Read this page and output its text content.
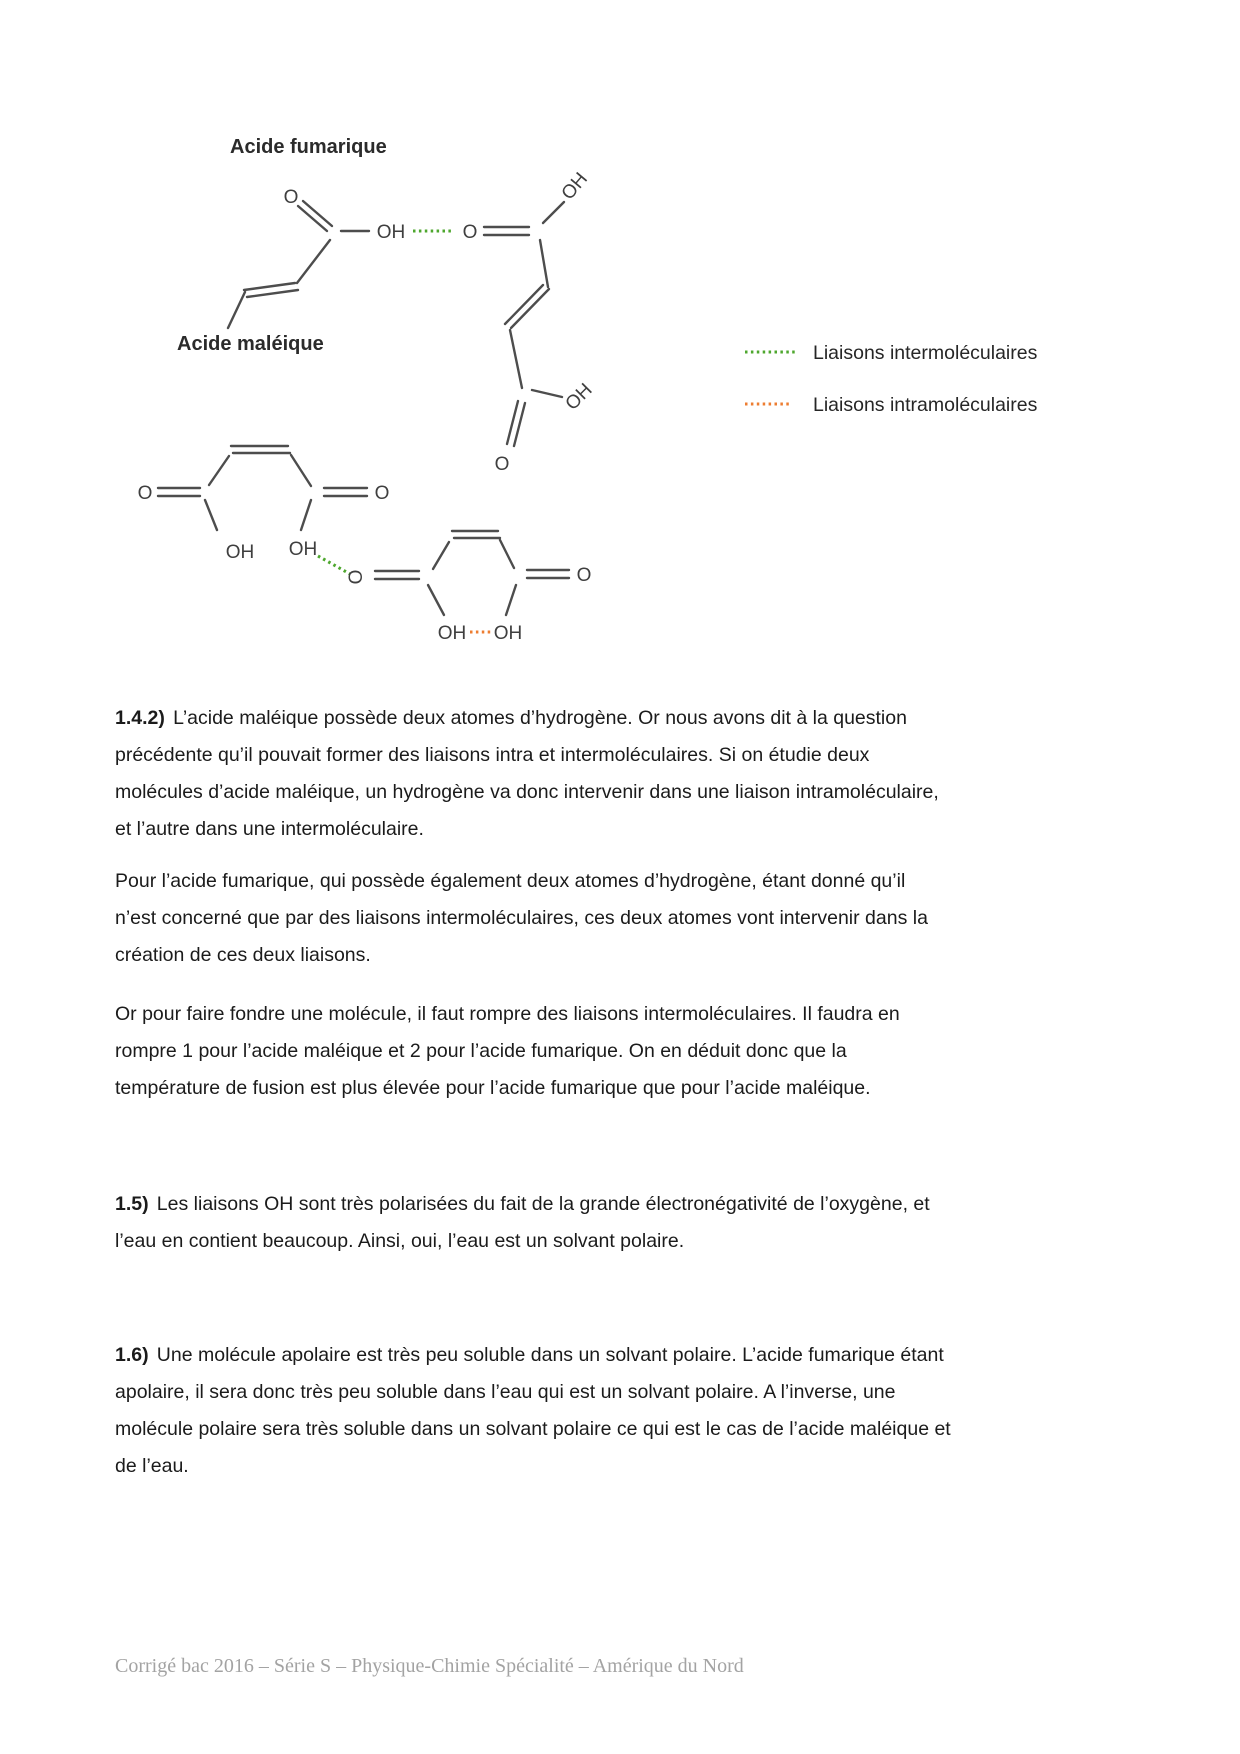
Acide fumarique
Acide maléique
O
OH	O
OH
OH
O
O	O
OH OH
O	O
OH OH
Liaisons intermoléculaires
Liaisons intramoléculaires
1.4.2) L’acide maléique possède deux atomes d’hydrogène. Or nous avons dit à la question
précédente qu’il pouvait former des liaisons intra et intermoléculaires. Si on étudie deux
molécules d’acide maléique, un hydrogène va donc intervenir dans une liaison intramoléculaire,
et l’autre dans une intermoléculaire.
Pour l’acide fumarique, qui possède également deux atomes d’hydrogène, étant donné qu’il
n’est concerné que par des liaisons intermoléculaires, ces deux atomes vont intervenir dans la
création de ces deux liaisons.
Or pour faire fondre une molécule, il faut rompre des liaisons intermoléculaires. Il faudra en
rompre 1 pour l’acide maléique et 2 pour l’acide fumarique. On en déduit donc que la
température de fusion est plus élevée pour l’acide fumarique que pour l’acide maléique.
1.5) Les liaisons OH sont très polarisées du fait de la grande électronégativité de l’oxygène, et
l’eau en contient beaucoup. Ainsi, oui, l’eau est un solvant polaire.
1.6) Une molécule apolaire est très peu soluble dans un solvant polaire. L’acide fumarique étant
apolaire, il sera donc très peu soluble dans l’eau qui est un solvant polaire. A l’inverse, une
molécule polaire sera très soluble dans un solvant polaire ce qui est le cas de l’acide maléique et
de l’eau.
Corrigé bac 2016 – Série S – Physique-Chimie Spécialité – Amérique du Nord
